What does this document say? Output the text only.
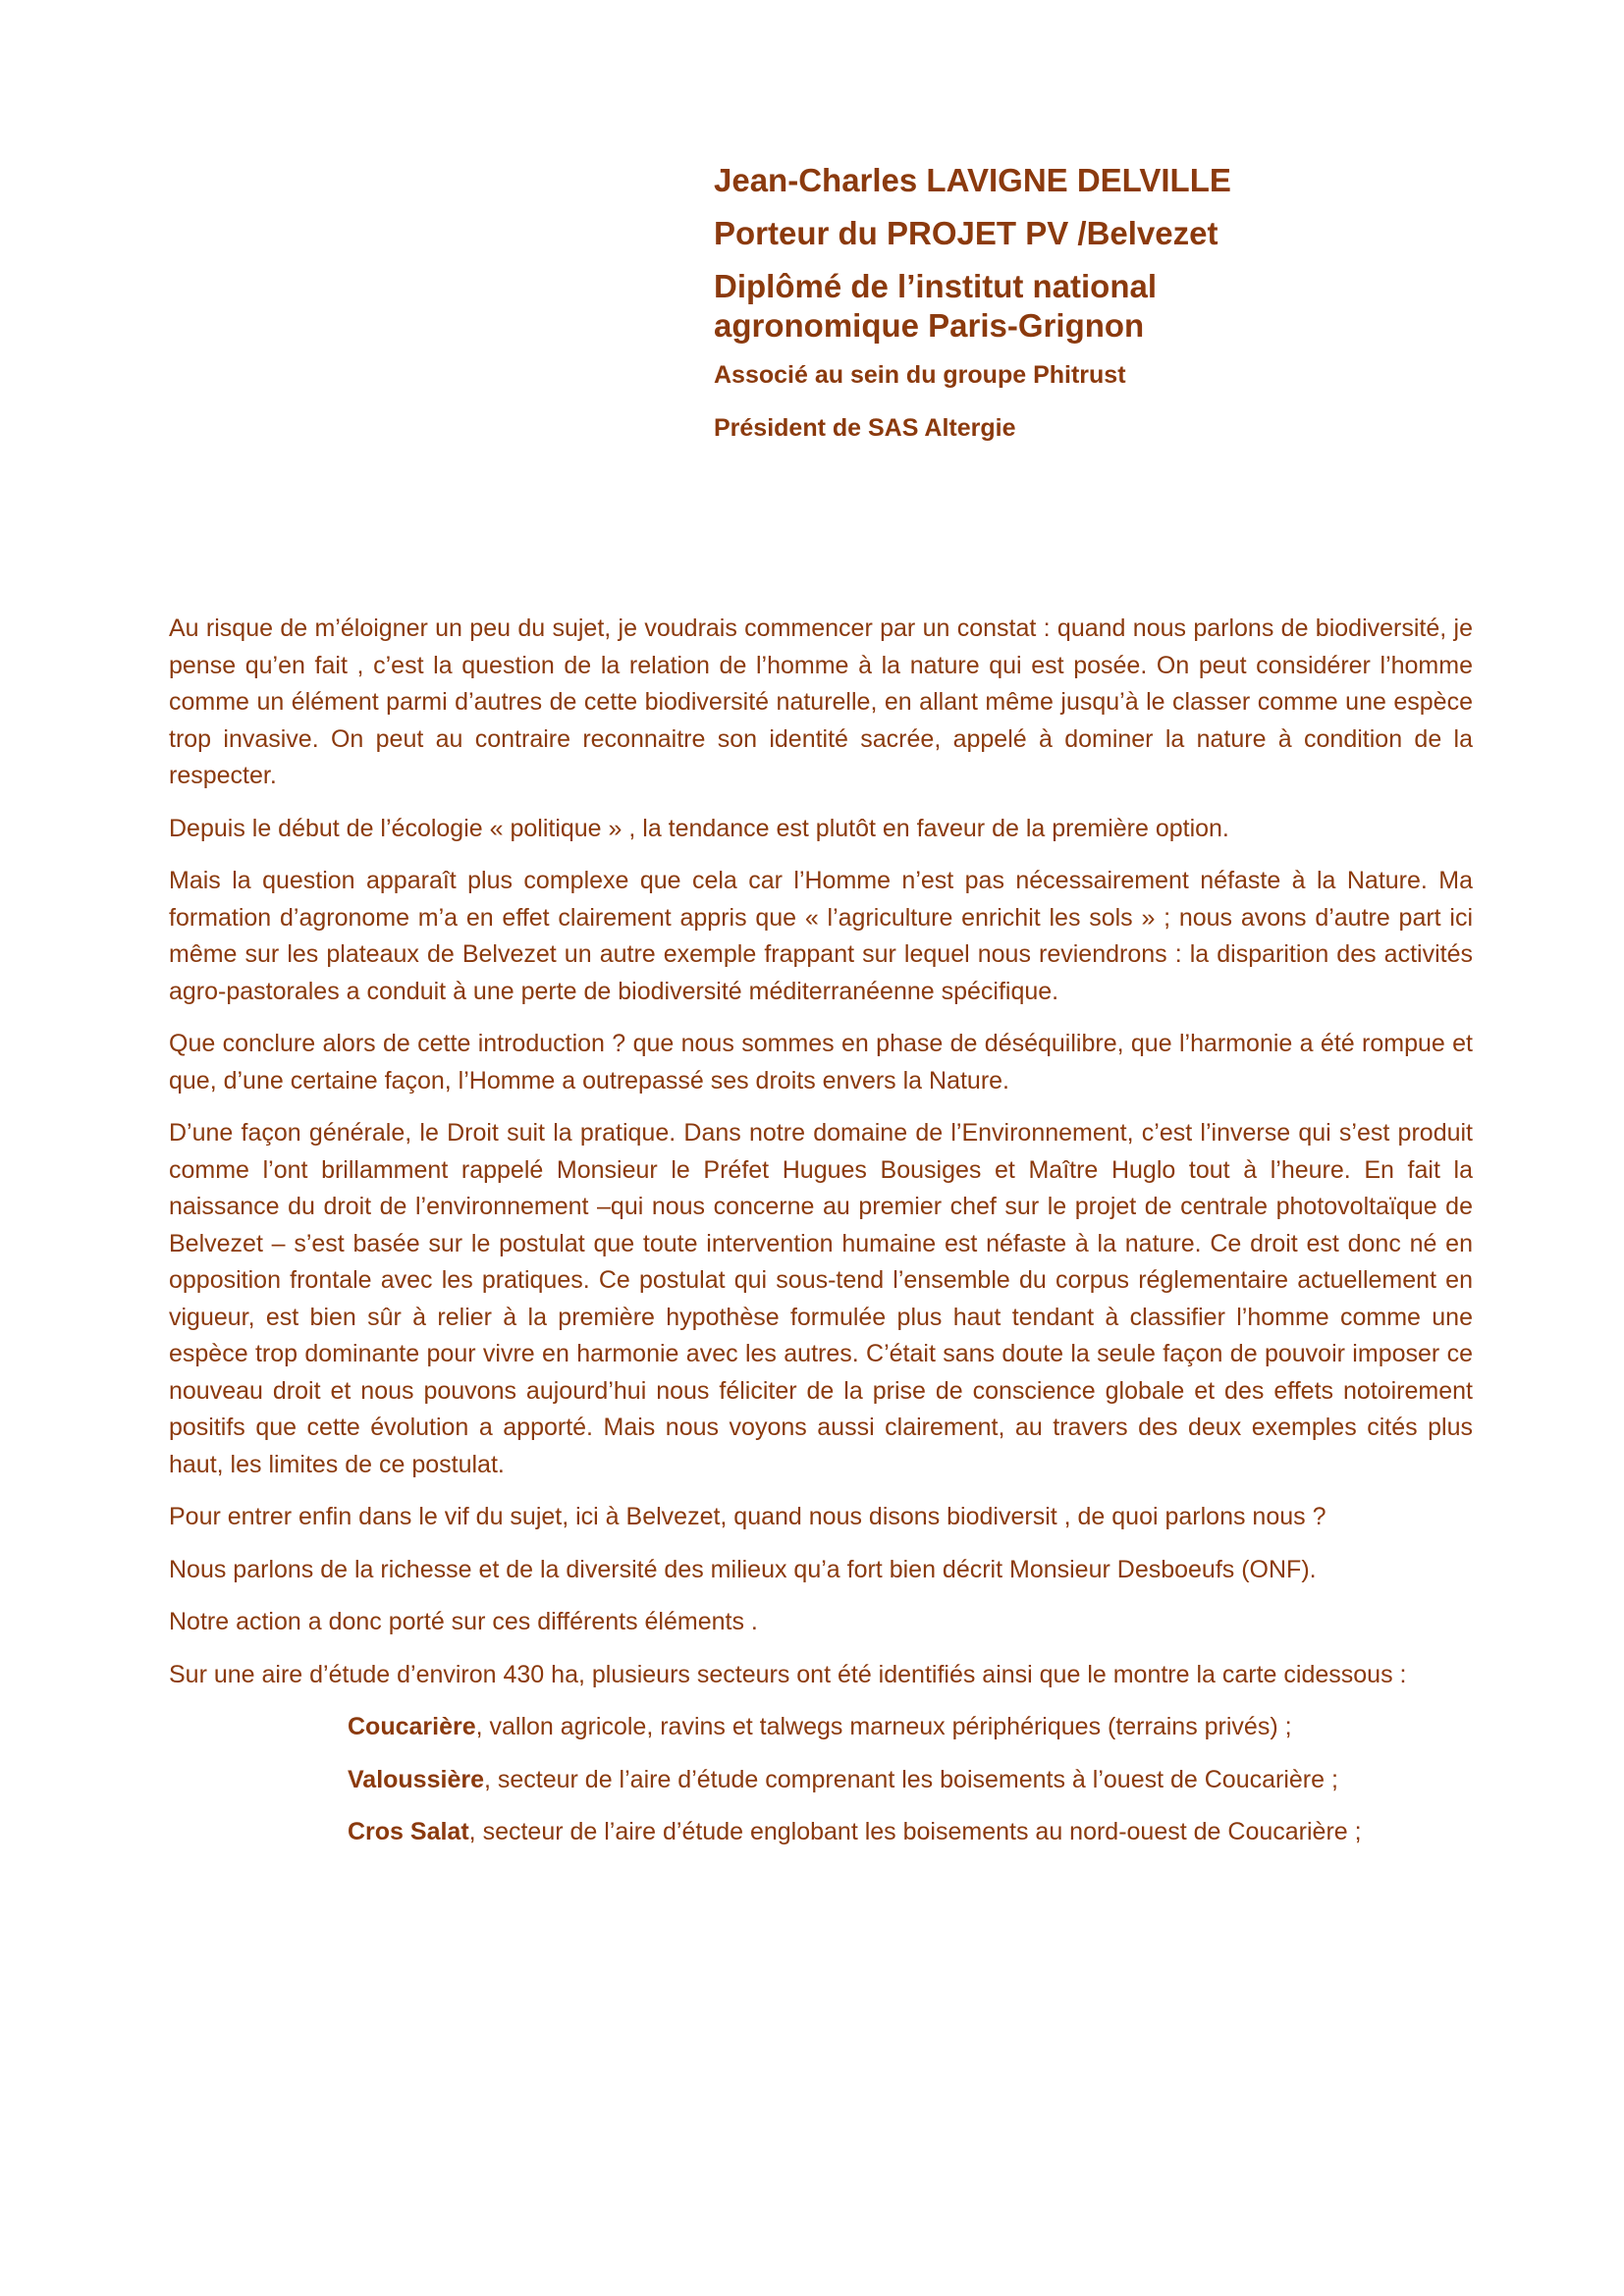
Jean-Charles LAVIGNE DELVILLE
Porteur du PROJET PV /Belvezet
Diplômé de l’institut national
agronomique Paris-Grignon
Associé au sein du groupe Phitrust
Président de SAS Altergie

Au risque de m’éloigner un peu du sujet, je voudrais commencer par un constat : quand nous parlons de biodiversité, je pense qu’en fait , c’est la question de la relation de l’homme à la nature qui est posée. On peut considérer l’homme comme un élément parmi d’autres de cette biodiversité naturelle, en allant même jusqu’à le classer comme une espèce trop invasive. On peut au contraire reconnaitre son identité sacrée, appelé à dominer la nature à condition de la respecter.

Depuis le début de l’écologie « politique » , la tendance est plutôt en faveur de la première option.

Mais la question apparaît plus complexe que cela car l’Homme n’est pas nécessairement néfaste à la Nature. Ma formation d’agronome m’a en effet clairement appris que « l’agriculture enrichit les sols » ; nous avons d’autre part ici même sur les plateaux de Belvezet un autre exemple frappant sur lequel nous reviendrons : la disparition des activités agro-pastorales a conduit à une perte de biodiversité méditerranéenne spécifique.

Que conclure alors de cette introduction ? que nous sommes en phase de déséquilibre, que l’harmonie a été rompue et que, d’une certaine façon, l’Homme a outrepassé ses droits envers la Nature.

D’une façon générale, le Droit suit la pratique. Dans notre domaine de l’Environnement, c’est l’inverse qui s’est produit comme l’ont brillamment rappelé Monsieur le Préfet Hugues Bousiges et Maître Huglo tout à l’heure. En fait la naissance du droit de l’environnement –qui nous concerne au premier chef sur le projet de centrale photovoltaïque de Belvezet – s’est basée sur le postulat que toute intervention humaine est néfaste à la nature. Ce droit est donc né en opposition frontale avec les pratiques. Ce postulat qui sous-tend l’ensemble du corpus réglementaire actuellement en vigueur, est bien sûr à relier à la première hypothèse formulée plus haut tendant à classifier l’homme comme une espèce trop dominante pour vivre en harmonie avec les autres. C’était sans doute la seule façon de pouvoir imposer ce nouveau droit et nous pouvons aujourd’hui nous féliciter de la prise de conscience globale et des effets notoirement positifs que cette évolution a apporté. Mais nous voyons aussi clairement, au travers des deux exemples cités plus haut, les limites de ce postulat.

Pour entrer enfin dans le vif du sujet, ici à Belvezet, quand nous disons biodiversit , de quoi parlons nous ?

Nous parlons de la richesse et de la diversité des milieux qu’a fort bien décrit Monsieur Desboeufs (ONF).

Notre action a donc porté sur ces différents éléments .

Sur une aire d’étude d’environ 430 ha, plusieurs secteurs ont été identifiés ainsi que le montre la carte cidessous :

Coucarière, vallon agricole, ravins et talwegs marneux périphériques (terrains privés) ;

Valoussière, secteur de l’aire d’étude comprenant les boisements à l’ouest de Coucarière ;

Cros Salat, secteur de l’aire d’étude englobant les boisements au nord-ouest de Coucarière ;
